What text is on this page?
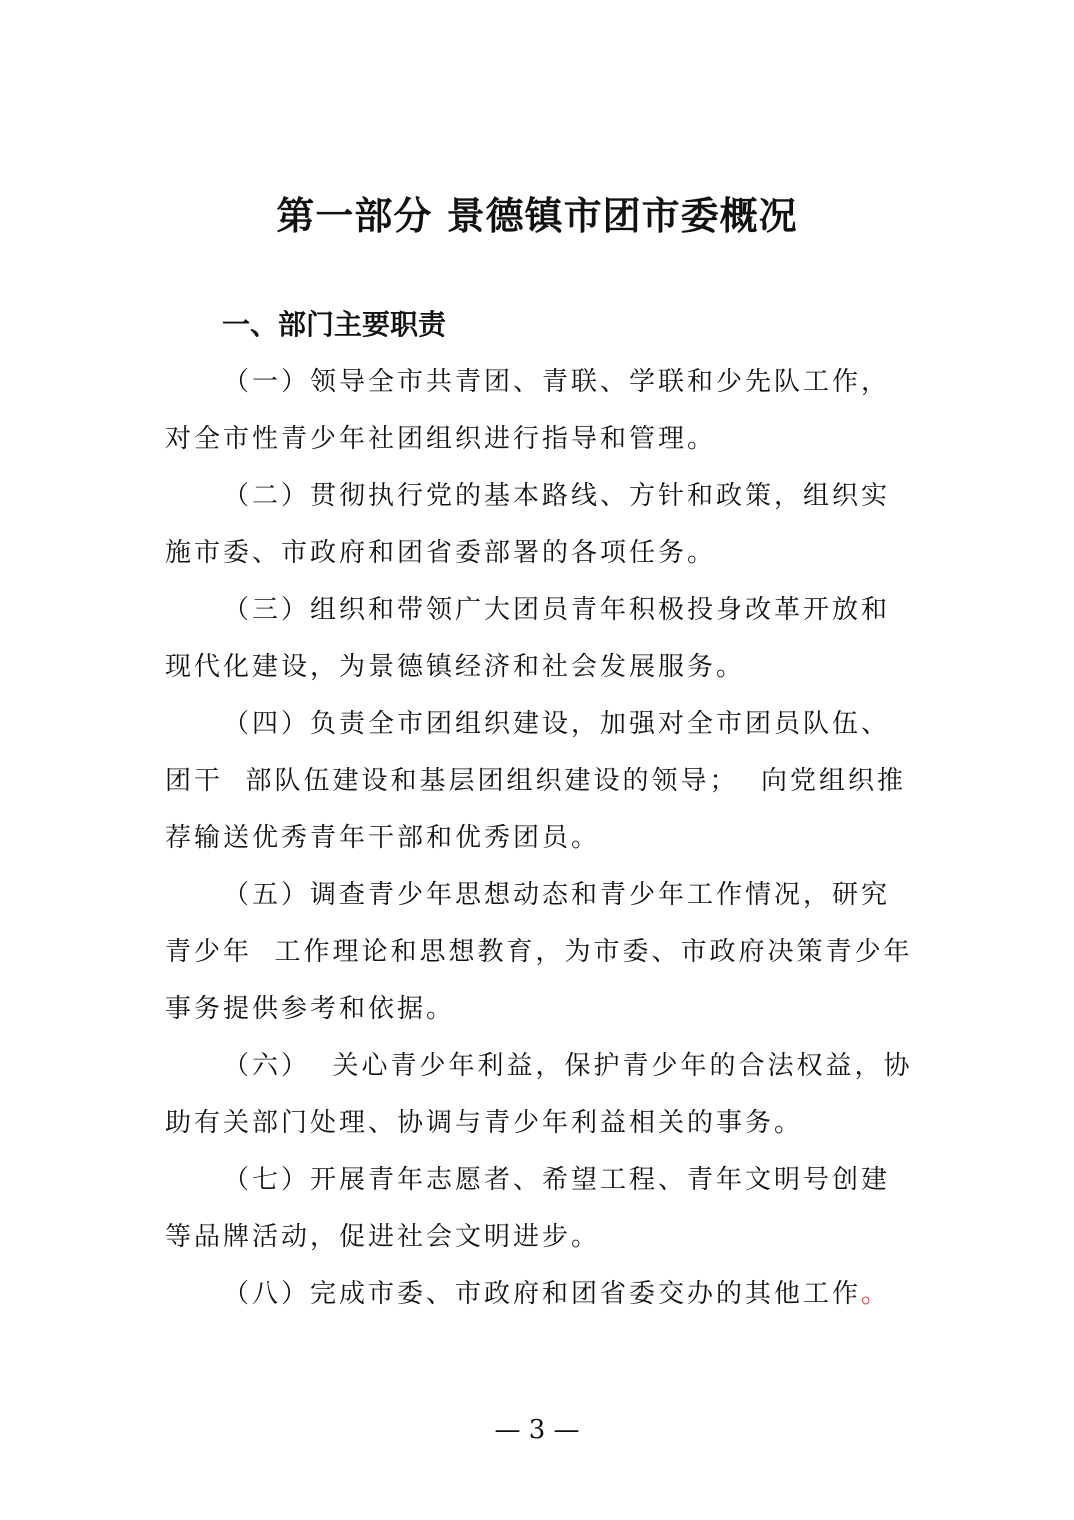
第一部分 景德镇市团市委概况
一、部门主要职责

（一）领导全市共青团、青联、学联和少先队工作，对全市性青少年社团组织进行指导和管理。

（二）贯彻执行党的基本路线、方针和政策，组织实施市委、市政府和团省委部署的各项任务。

（三）组织和带领广大团员青年积极投身改革开放和现代化建设，为景德镇经济和社会发展服务。

（四）负责全市团组织建设，加强对全市团员队伍、团干  部队伍建设和基层团组织建设的领导；  向党组织推荐输送优秀青年干部和优秀团员。

（五）调查青少年思想动态和青少年工作情况，研究青少年  工作理论和思想教育，为市委、市政府决策青少年事务提供参考和依据。

（六）  关心青少年利益，保护青少年的合法权益，协助有关部门处理、协调与青少年利益相关的事务。

（七）开展青年志愿者、希望工程、青年文明号创建等品牌活动，促进社会文明进步。

（八）完成市委、市政府和团省委交办的其他工作。

— 3 —
